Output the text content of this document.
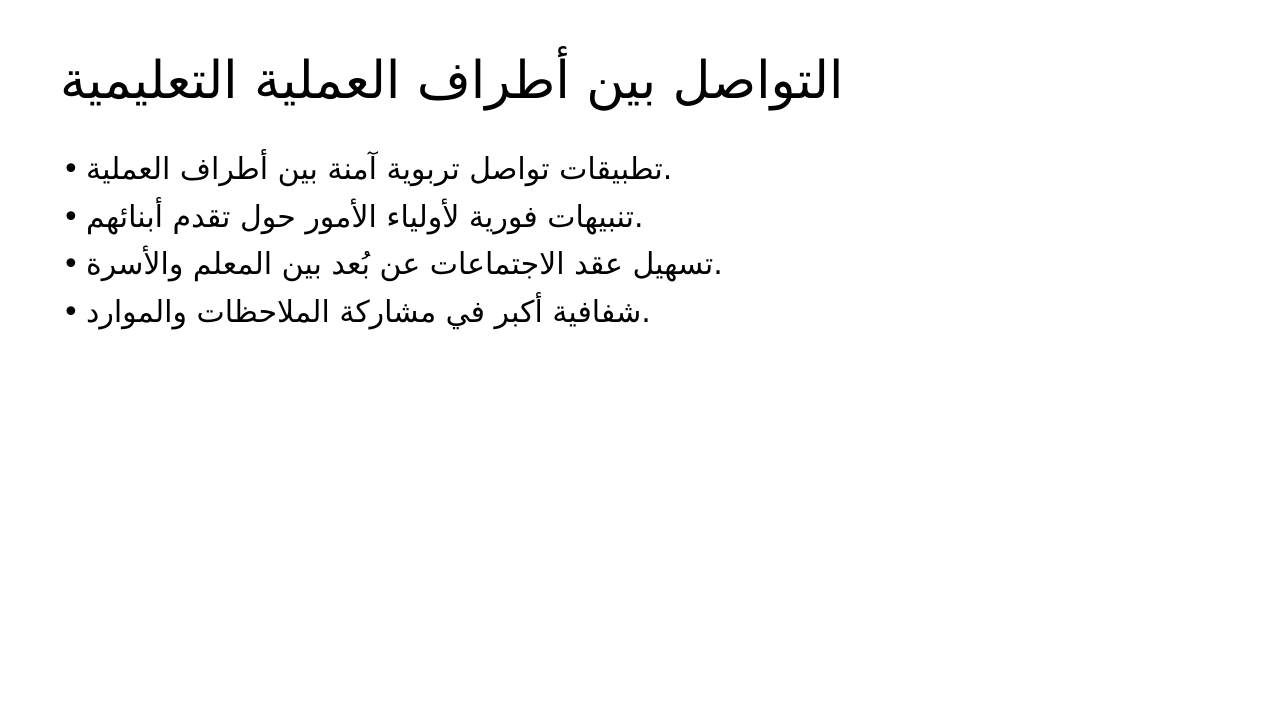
التواصل بين أطراف العملية التعليمية
• تطبيقات تواصل تربوية آمنة بين أطراف العملية.
• تنبيهات فورية لأولياء الأمور حول تقدم أبنائهم.
• تسهيل عقد الاجتماعات عن بُعد بين المعلم والأسرة.
• شفافية أكبر في مشاركة الملاحظات والموارد.
